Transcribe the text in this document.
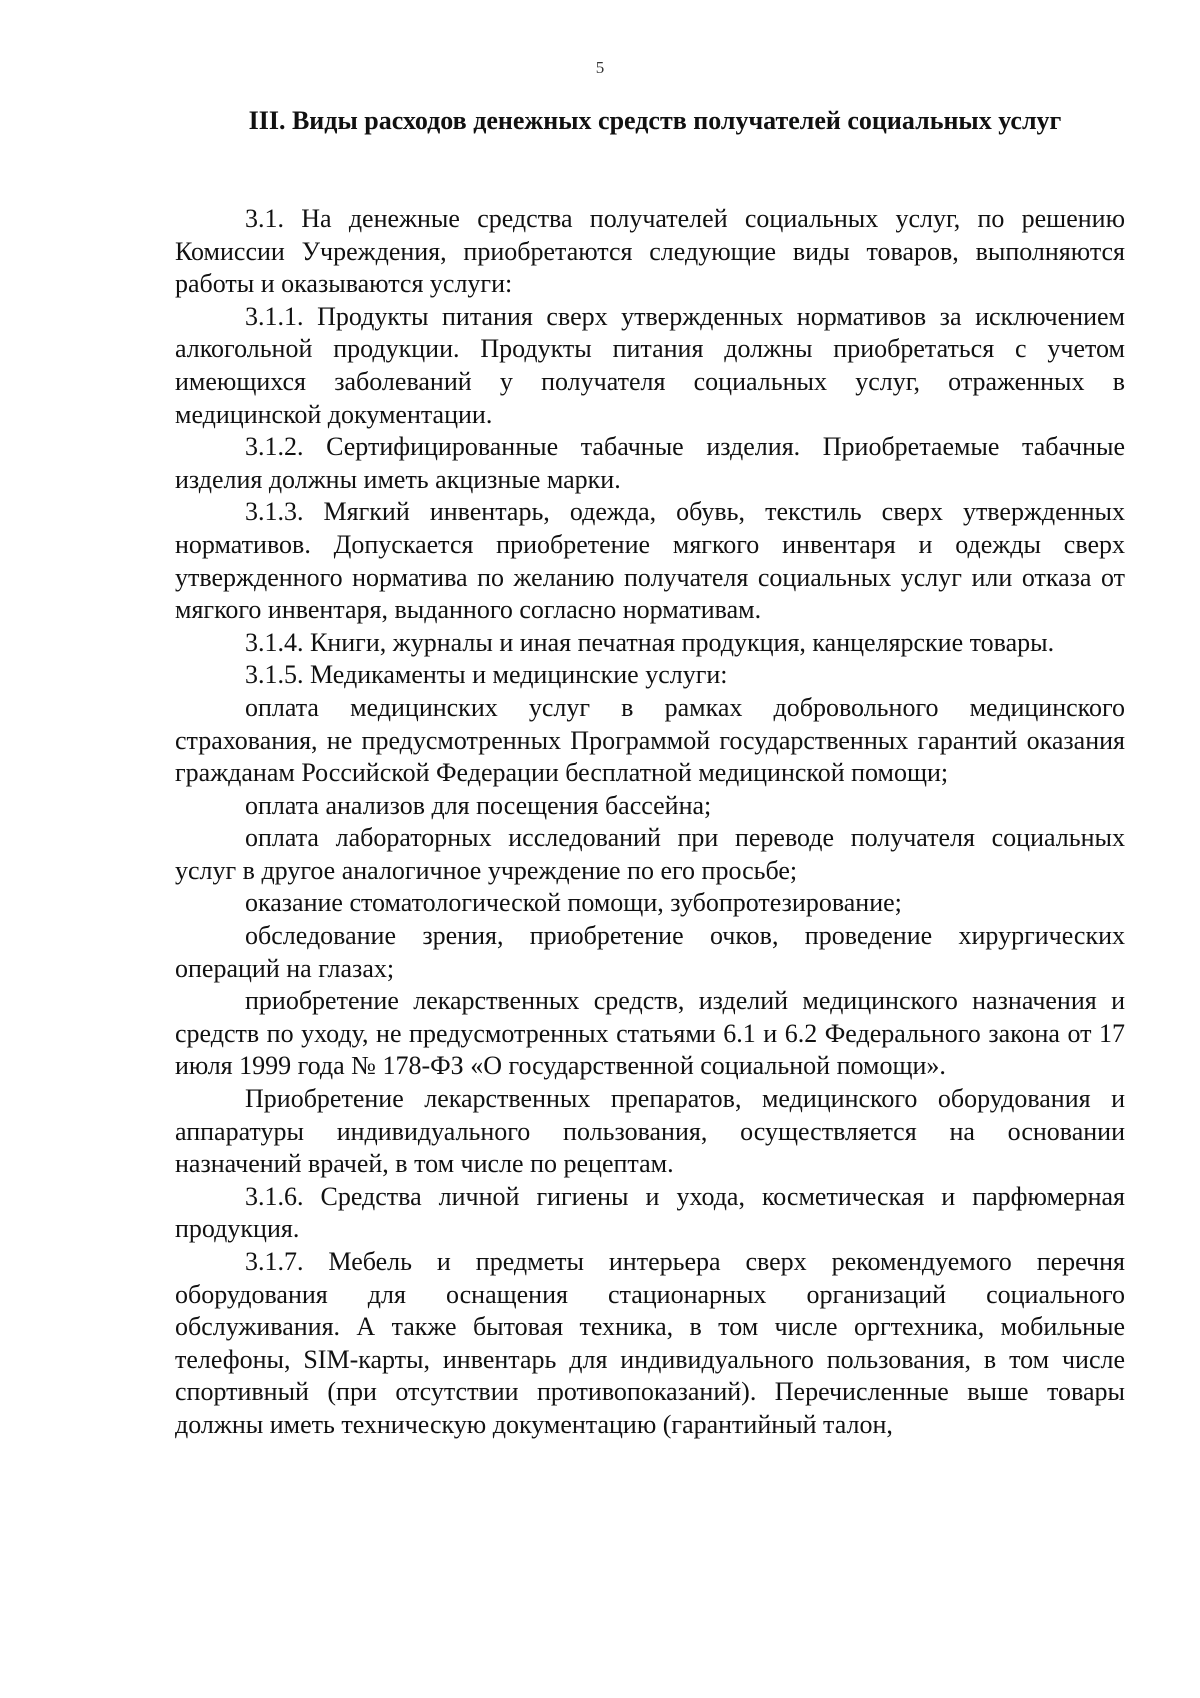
5
III. Виды расходов денежных средств получателей социальных услуг

3.1. На денежные средства получателей социальных услуг, по решению Комиссии Учреждения, приобретаются следующие виды товаров, выполняются работы и оказываются услуги:

3.1.1. Продукты питания сверх утвержденных нормативов за исключением алкогольной продукции. Продукты питания должны приобретаться с учетом имеющихся заболеваний у получателя социальных услуг, отраженных в медицинской документации.

3.1.2. Сертифицированные табачные изделия. Приобретаемые табачные изделия должны иметь акцизные марки.

3.1.3. Мягкий инвентарь, одежда, обувь, текстиль сверх утвержденных нормативов. Допускается приобретение мягкого инвентаря и одежды сверх утвержденного норматива по желанию получателя социальных услуг или отказа от мягкого инвентаря, выданного согласно нормативам.

3.1.4. Книги, журналы и иная печатная продукция, канцелярские товары.

3.1.5. Медикаменты и медицинские услуги:

оплата медицинских услуг в рамках добровольного медицинского страхования, не предусмотренных Программой государственных гарантий оказания гражданам Российской Федерации бесплатной медицинской помощи;

оплата анализов для посещения бассейна;

оплата лабораторных исследований при переводе получателя социальных услуг в другое аналогичное учреждение по его просьбе;

оказание стоматологической помощи, зубопротезирование;

обследование зрения, приобретение очков, проведение хирургических операций на глазах;

приобретение лекарственных средств, изделий медицинского назначения и средств по уходу, не предусмотренных статьями 6.1 и 6.2 Федерального закона от 17 июля 1999 года № 178-ФЗ «О государственной социальной помощи».

Приобретение лекарственных препаратов, медицинского оборудования и аппаратуры индивидуального пользования, осуществляется на основании назначений врачей, в том числе по рецептам.

3.1.6. Средства личной гигиены и ухода, косметическая и парфюмерная продукция.

3.1.7. Мебель и предметы интерьера сверх рекомендуемого перечня оборудования для оснащения стационарных организаций социального обслуживания. А также бытовая техника, в том числе оргтехника, мобильные телефоны, SIM-карты, инвентарь для индивидуального пользования, в том числе спортивный (при отсутствии противопоказаний). Перечисленные выше товары должны иметь техническую документацию (гарантийный талон,
